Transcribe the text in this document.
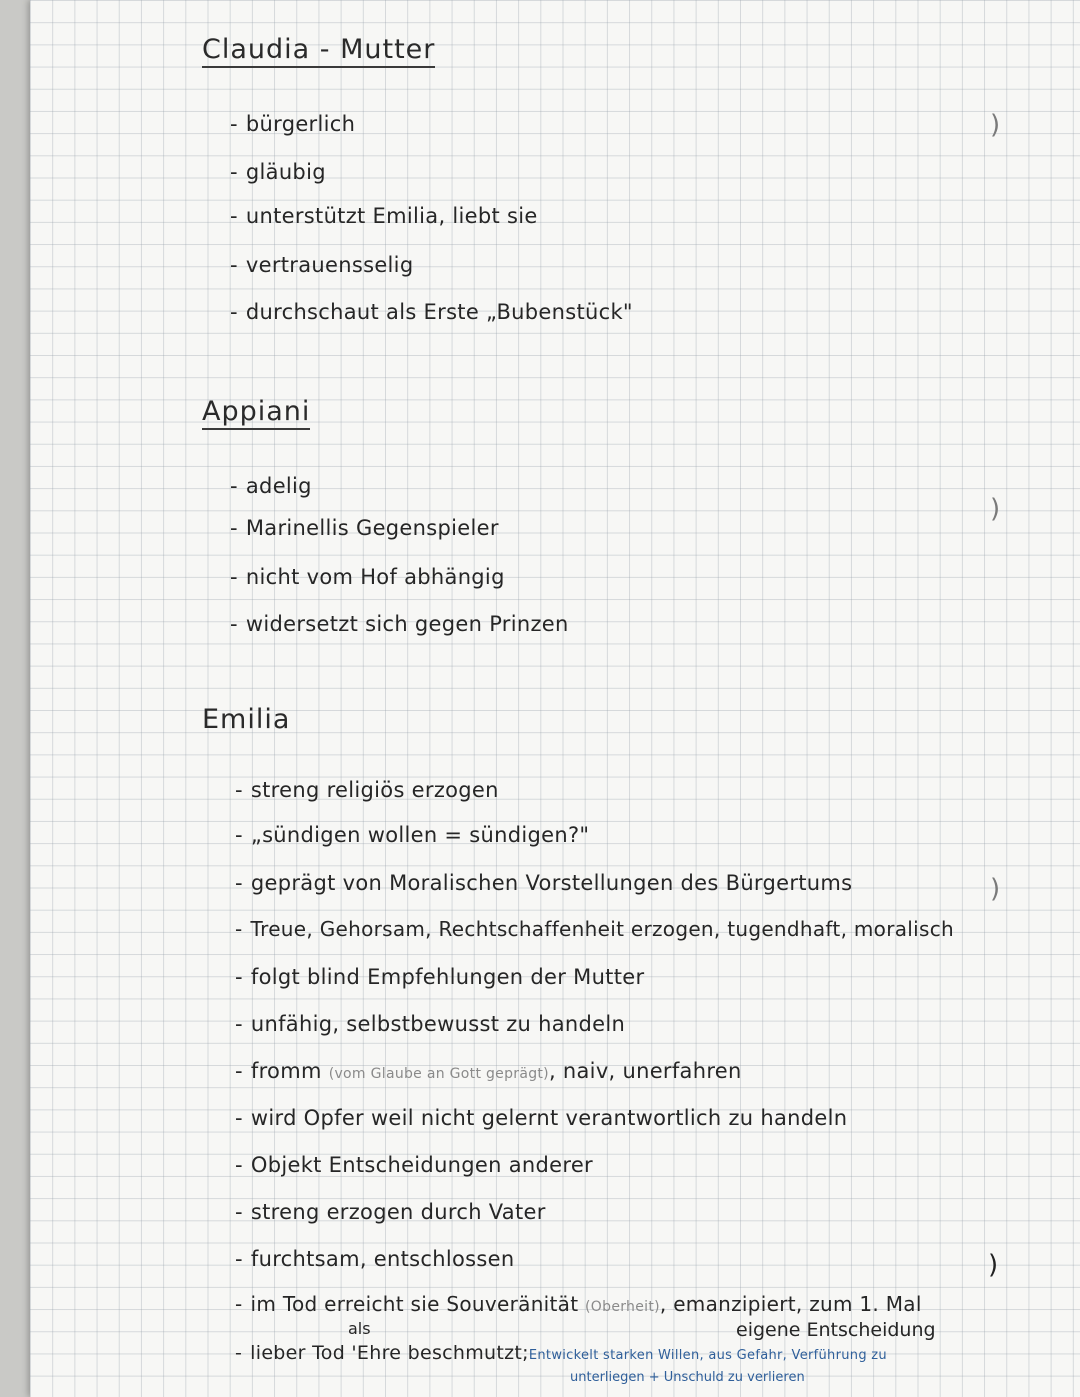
Claudia - Mutter
- bürgerlich
- gläubig
- unterstützt Emilia, liebt sie
- vertrauensselig
- durchschaut als Erste „Bubenstück"
)
Appiani
- adelig
- Marinellis Gegenspieler
- nicht vom Hof abhängig
- widersetzt sich gegen Prinzen
)
Emilia
- streng religiös erzogen
- „sündigen wollen = sündigen?"
- geprägt von Moralischen Vorstellungen des Bürgertums
- Treue, Gehorsam, Rechtschaffenheit erzogen, tugendhaft, moralisch
- folgt blind Empfehlungen der Mutter
- unfähig, selbstbewusst zu handeln
- fromm (vom Glaube an Gott geprägt), naiv, unerfahren
- wird Opfer weil nicht gelernt verantwortlich zu handeln
- Objekt Entscheidungen anderer
- streng erzogen durch Vater
- furchtsam, entschlossen
- im Tod erreicht sie Souveränität (Oberheit), emanzipiert, zum 1. Mal
als	eigene Entscheidung
- lieber Tod 'Ehre beschmutzt;Entwickelt starken Willen, aus Gefahr, Verführung zu
unterliegen + Unschuld zu verlieren
)
)
